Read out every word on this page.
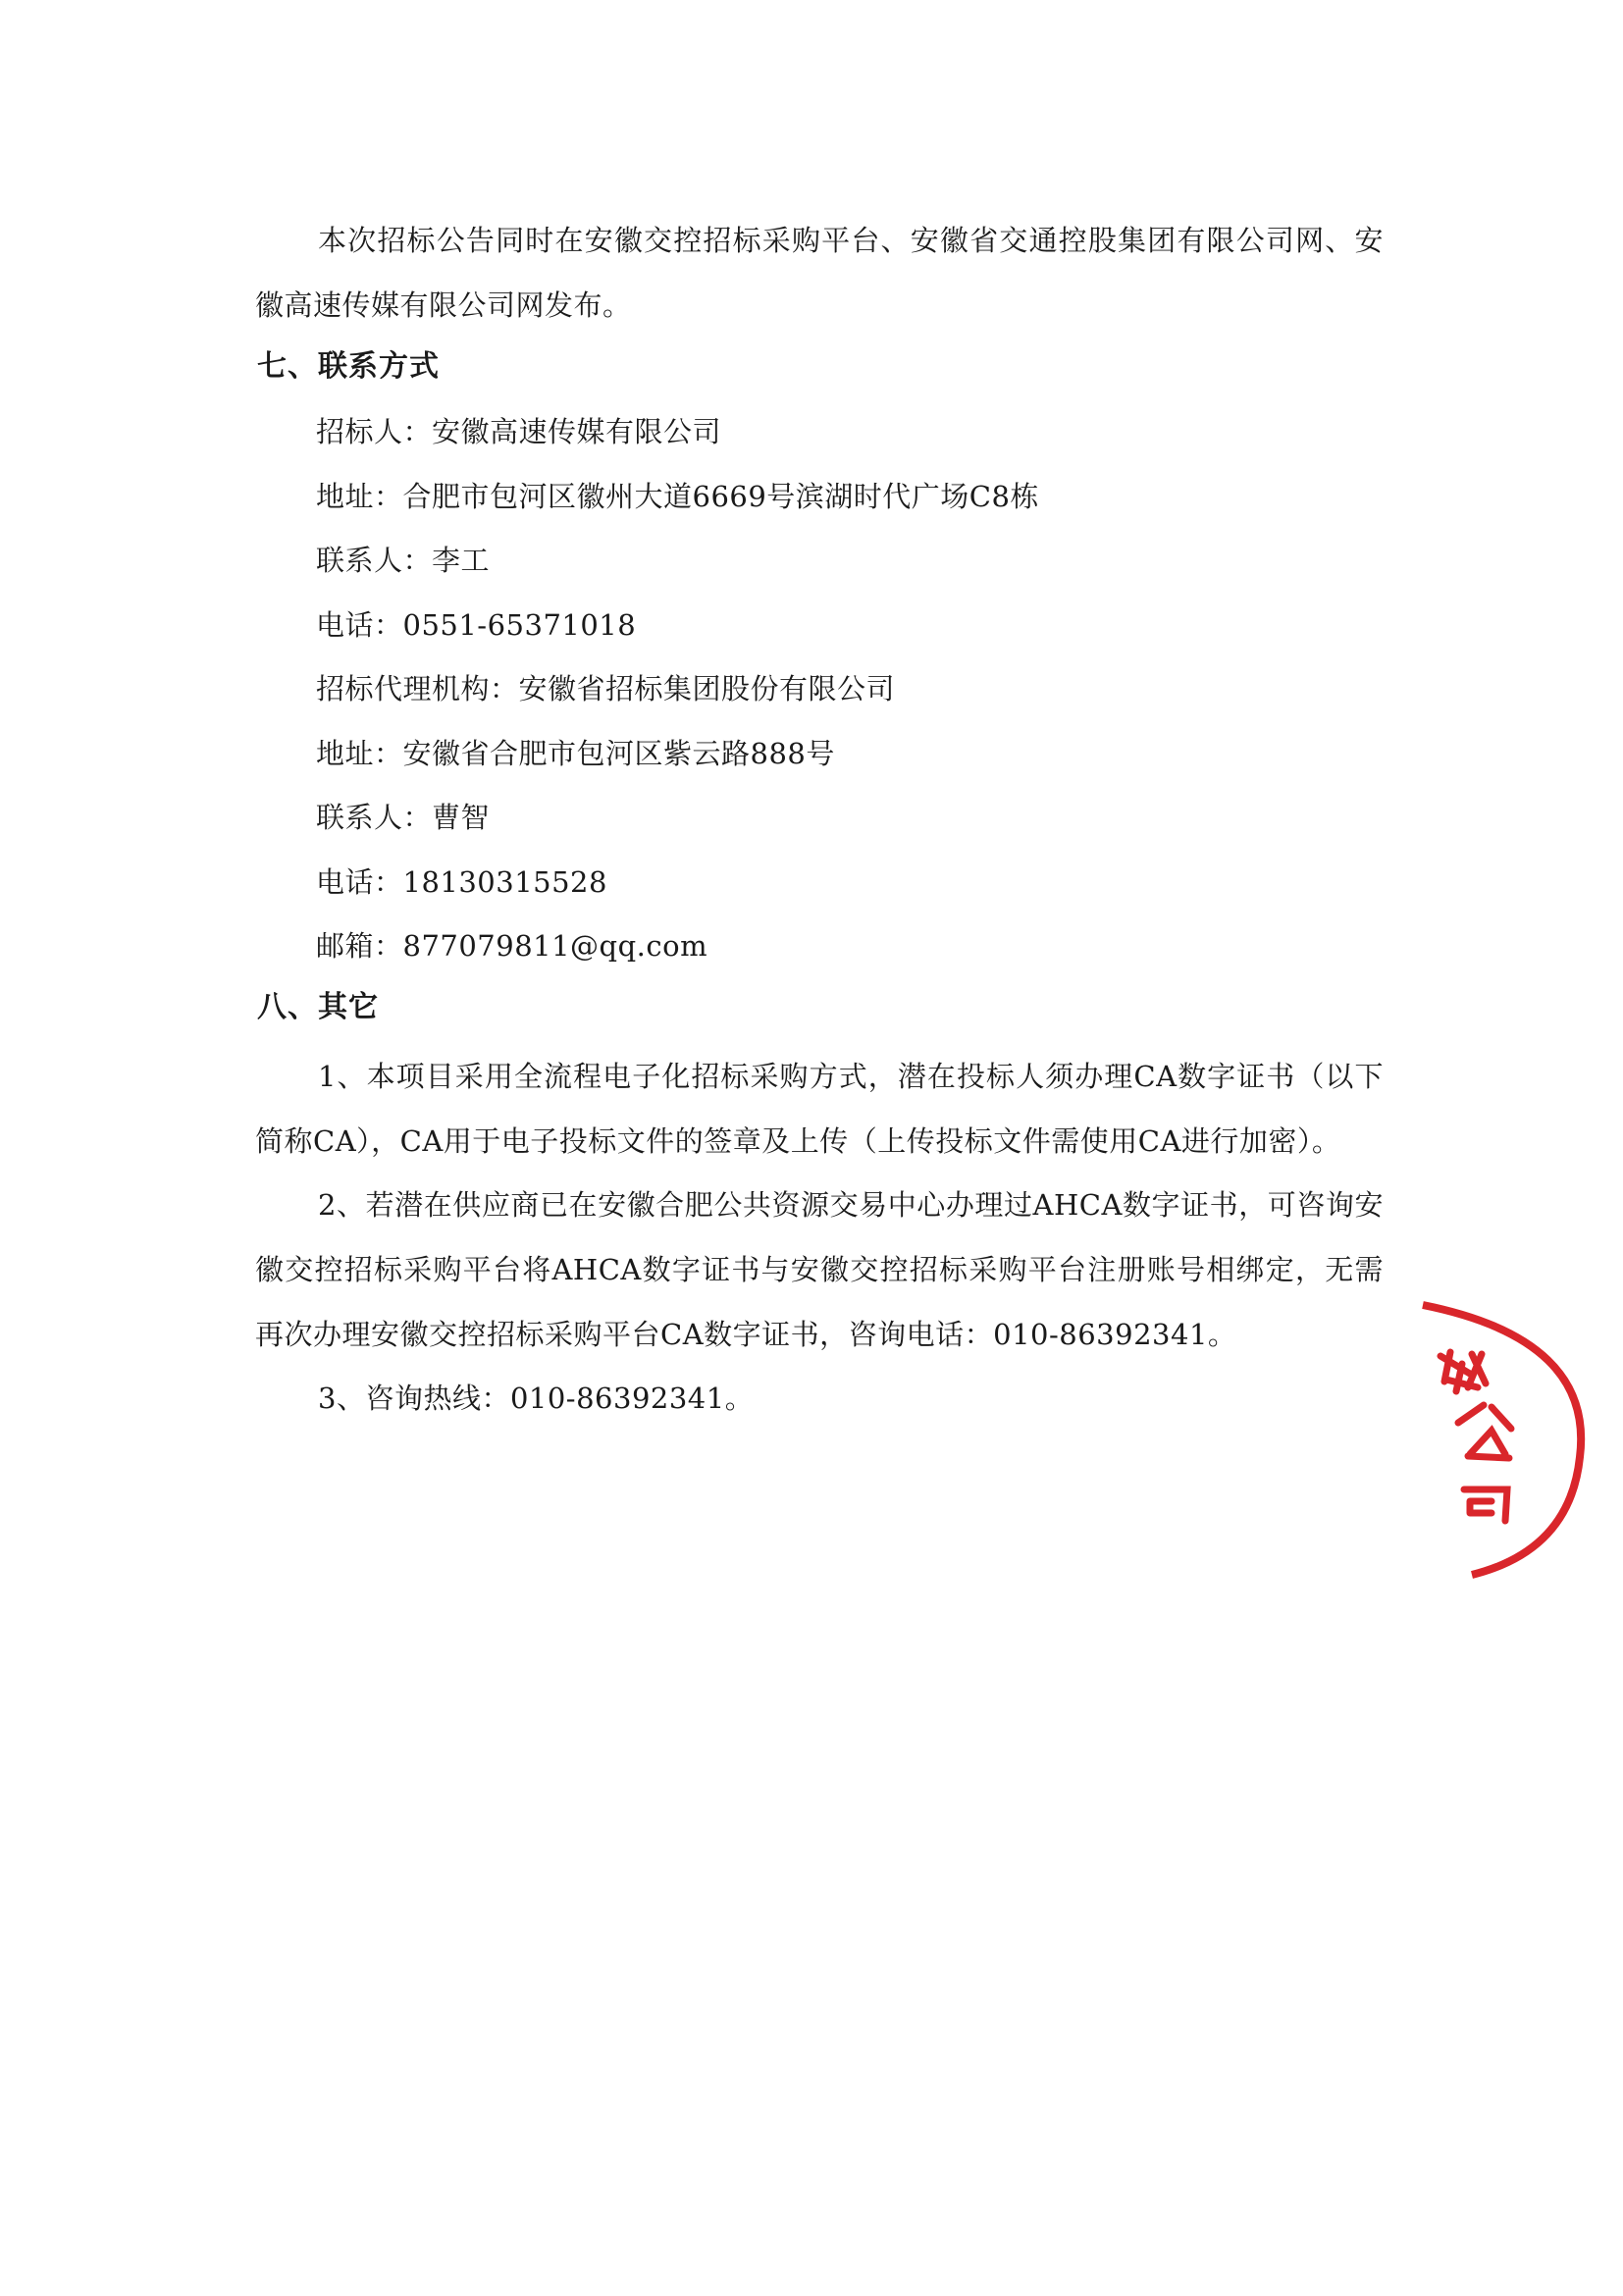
本次招标公告同时在安徽交控招标采购平台、安徽省交通控股集团有限公司网、安徽高速传媒有限公司网发布。

七、联系方式
招标人：安徽高速传媒有限公司
地址：合肥市包河区徽州大道6669号滨湖时代广场C8栋
联系人：李工
电话：0551-65371018
招标代理机构：安徽省招标集团股份有限公司
地址：安徽省合肥市包河区紫云路888号
联系人：曹智
电话：18130315528
邮箱：877079811@qq.com
八、其它

1、本项目采用全流程电子化招标采购方式，潜在投标人须办理CA数字证书（以下简称CA），CA用于电子投标文件的签章及上传（上传投标文件需使用CA进行加密）。

2、若潜在供应商已在安徽合肥公共资源交易中心办理过AHCA数字证书，可咨询安徽交控招标采购平台将AHCA数字证书与安徽交控招标采购平台注册账号相绑定，无需再次办理安徽交控招标采购平台CA数字证书，咨询电话：010-86392341。

3、咨询热线：010-86392341。
